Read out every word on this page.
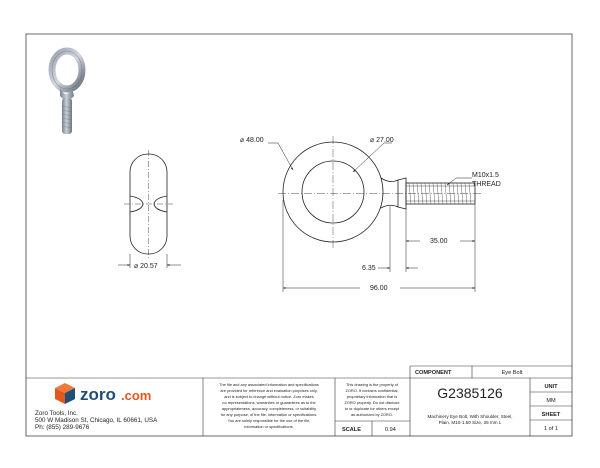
⌀ 20.57
⌀ 48.00	⌀ 27.00
M10x1.5
THREAD
35.00
6.35
96.00
zoro .com
Zoro Tools, Inc.
500 W Madison St, Chicago, IL 60661, USA
Ph: (855) 289-9676
The file and any associated information and specifications
are provided for reference and evaluation purposes only,
and is subject to change without notice. Zoro makes
no representations, warranties or guarantees as to the
appropriateness, accuracy, completeness, or suitability
for any purpose, of the file, information or specifications.
You are solely responsible for the use of the file,
information or specifications.
This drawing is the property of
ZORO. It contains confidential,
proprietary information that is
ZORO property. Do not disclose
to or duplicate for others except
as authorized by ZORO.
SCALE	0.94
COMPONENT	Eye Bolt
G2385126
Machinery Eye Bolt, With Shoulder, Steel,
Plain, M10-1.50 Size, 35 mm L
UNIT
MM
SHEET
1 of 1
